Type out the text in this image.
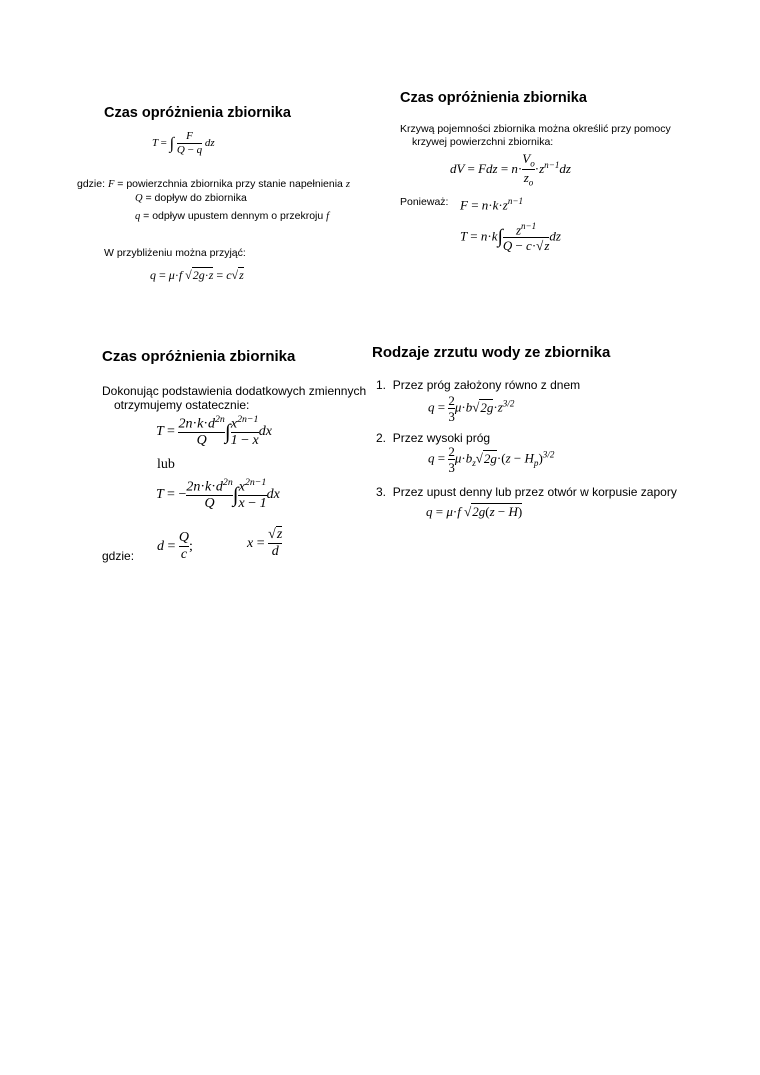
Czas opróżnienia zbiornika
T = ∫ $\frac{F}{Q - q}$ dz
gdzie: F = powierzchnia zbiornika przy stanie napełnienia z
Q = dopływ do zbiornika
q = odpływ upustem dennym o przekroju f
W przybliżeniu można przyjąć:
q = μ·f √2g·z = c√z
Czas opróżnienia zbiornika
Krzywą pojemności zbiornika można określić przy pomocy
krzywej powierzchni zbiornika:
dV = Fdz = $n\cdot \frac{V_o}{z_o} \cdot z^{n-1}dz$
Ponieważ: $F = n\cdot k\cdot z^{n-1}$
$T = n\cdot k\int \frac{z^{n-1}}{Q - c\cdot√z}$ dz
Czas opróżnienia zbiornika
Dokonując podstawienia dodatkowych zmiennych
otrzymujemy ostatecznie:
$T = \frac{2n\cdot k\cdot d^{2n}}{Q}$ ∫ $\frac{x^{2n-1}}{1 - x}$ dx
lub
T = − $\frac{2n\cdot k\cdot d^{2n}}{Q}$ ∫ $\frac{x^{2n-1}}{x - 1}$ dx
gdzie:
$d = \frac{Q}{c}$ ;	$x = \frac{√z}{d}$
Rodzaje zrzutu wody ze zbiornika
1. Przez próg założony równo z dnem
$q = \frac{2}{3} \mu\cdot b√2g\cdot z^{3/2}$
2. Przez wysoki próg
$q = \frac{2}{3} \mu\cdot b_z√2g\cdot(z - H_p)^{3/2}$
3. Przez upust denny lub przez otwór w korpusie zapory
q = μ·f √2g(z − H)
